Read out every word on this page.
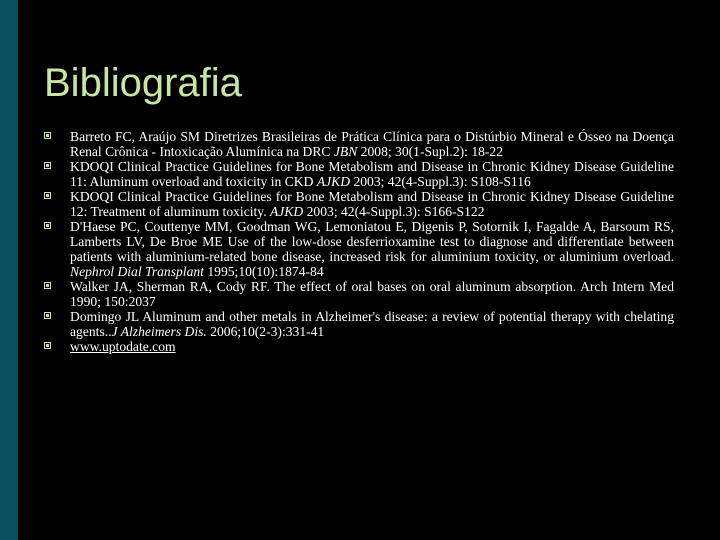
Bibliografia
Barreto FC, Araújo SM Diretrizes Brasileiras de Prática Clínica para o Distúrbio Mineral e Ósseo na Doença Renal Crônica - Intoxicação Alumínica na DRC JBN 2008; 30(1-Supl.2): 18-22
KDOQI Clinical Practice Guidelines for Bone Metabolism and Disease in Chronic Kidney Disease Guideline 11: Aluminum overload and toxicity in CKD AJKD 2003; 42(4-Suppl.3): S108-S116
KDOQI Clinical Practice Guidelines for Bone Metabolism and Disease in Chronic Kidney Disease Guideline 12: Treatment of aluminum toxicity. AJKD 2003; 42(4-Suppl.3): S166-S122
D'Haese PC, Couttenye MM, Goodman WG, Lemoniatou E, Digenis P, Sotornik I, Fagalde A, Barsoum RS, Lamberts LV, De Broe ME Use of the low-dose desferrioxamine test to diagnose and differentiate between patients with aluminium-related bone disease, increased risk for aluminium toxicity, or aluminium overload. Nephrol Dial Transplant 1995;10(10):1874-84
Walker JA, Sherman RA, Cody RF. The effect of oral bases on oral aluminum absorption. Arch Intern Med 1990; 150:2037
Domingo JL Aluminum and other metals in Alzheimer's disease: a review of potential therapy with chelating agents..J Alzheimers Dis. 2006;10(2-3):331-41
www.uptodate.com
